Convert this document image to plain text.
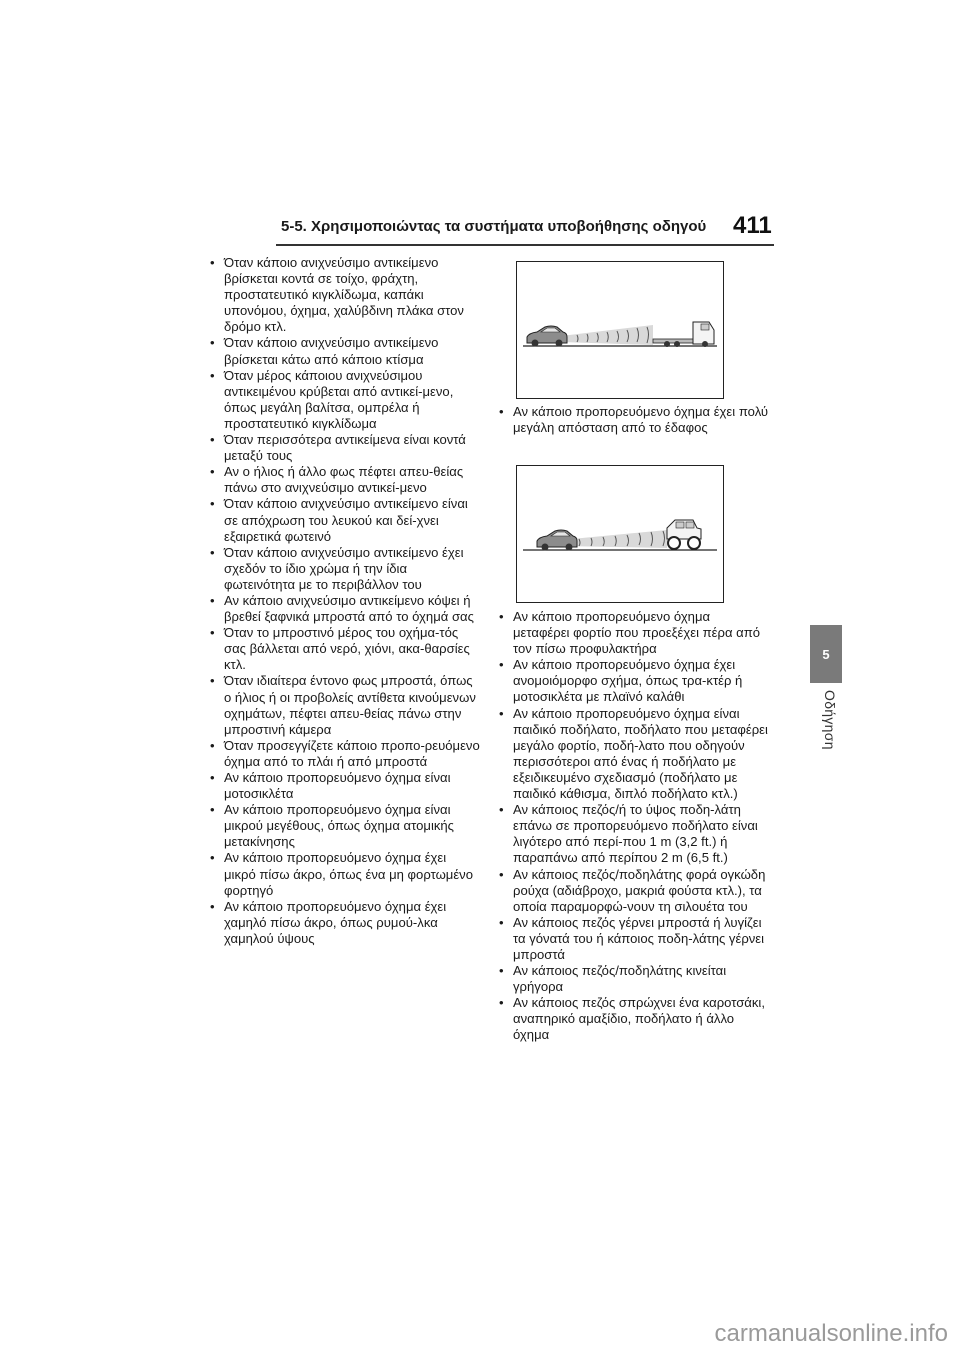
5-5. Χρησιμοποιώντας τα συστήματα υποβοήθησης οδηγού 411
5
Οδήγηση
• Όταν κάποιο ανιχνεύσιμο αντικείμενο βρίσκεται κοντά σε τοίχο, φράχτη, προστατευτικό κιγκλίδωμα, καπάκι υπονόμου, όχημα, χαλύβδινη πλάκα στον δρόμο κτλ.
• Όταν κάποιο ανιχνεύσιμο αντικείμενο βρίσκεται κάτω από κάποιο κτίσμα
• Όταν μέρος κάποιου ανιχνεύσιμου αντικειμένου κρύβεται από αντικεί-μενο, όπως μεγάλη βαλίτσα, ομπρέλα ή προστατευτικό κιγκλίδωμα
• Όταν περισσότερα αντικείμενα είναι κοντά μεταξύ τους
• Αν ο ήλιος ή άλλο φως πέφτει απευ-θείας πάνω στο ανιχνεύσιμο αντικεί-μενο
• Όταν κάποιο ανιχνεύσιμο αντικείμενο είναι σε απόχρωση του λευκού και δεί-χνει εξαιρετικά φωτεινό
• Όταν κάποιο ανιχνεύσιμο αντικείμενο έχει σχεδόν το ίδιο χρώμα ή την ίδια φωτεινότητα με το περιβάλλον του
• Αν κάποιο ανιχνεύσιμο αντικείμενο κόψει ή βρεθεί ξαφνικά μπροστά από το όχημά σας
• Όταν το μπροστινό μέρος του οχήμα-τός σας βάλλεται από νερό, χιόνι, ακα-θαρσίες κτλ.
• Όταν ιδιαίτερα έντονο φως μπροστά, όπως ο ήλιος ή οι προβολείς αντίθετα κινούμενων οχημάτων, πέφτει απευ-θείας πάνω στην μπροστινή κάμερα
• Όταν προσεγγίζετε κάποιο προπο-ρευόμενο όχημα από το πλάι ή από μπροστά
• Αν κάποιο προπορευόμενο όχημα είναι μοτοσικλέτα
• Αν κάποιο προπορευόμενο όχημα είναι μικρού μεγέθους, όπως όχημα ατομικής μετακίνησης
• Αν κάποιο προπορευόμενο όχημα έχει μικρό πίσω άκρο, όπως ένα μη φορτωμένο φορτηγό
• Αν κάποιο προπορευόμενο όχημα έχει χαμηλό πίσω άκρο, όπως ρυμού-λκα χαμηλού ύψους
• Αν κάποιο προπορευόμενο όχημα έχει πολύ μεγάλη απόσταση από το έδαφος
• Αν κάποιο προπορευόμενο όχημα μεταφέρει φορτίο που προεξέχει πέρα από τον πίσω προφυλακτήρα
• Αν κάποιο προπορευόμενο όχημα έχει ανομοιόμορφο σχήμα, όπως τρα-κτέρ ή μοτοσικλέτα με πλαϊνό καλάθι
• Αν κάποιο προπορευόμενο όχημα είναι παιδικό ποδήλατο, ποδήλατο που μεταφέρει μεγάλο φορτίο, ποδή-λατο που οδηγούν περισσότεροι από ένας ή ποδήλατο με εξειδικευμένο σχεδιασμό (ποδήλατο με παιδικό κάθισμα, διπλό ποδήλατο κτλ.)
• Αν κάποιος πεζός/ή το ύψος ποδη-λάτη επάνω σε προπορευόμενο ποδήλατο είναι λιγότερο από περί-που 1 m (3,2 ft.) ή παραπάνω από περίπου 2 m (6,5 ft.)
• Αν κάποιος πεζός/ποδηλάτης φορά ογκώδη ρούχα (αδιάβροχο, μακριά φούστα κτλ.), τα οποία παραμορφώ-νουν τη σιλουέτα του
• Αν κάποιος πεζός γέρνει μπροστά ή λυγίζει τα γόνατά του ή κάποιος ποδη-λάτης γέρνει μπροστά
• Αν κάποιος πεζός/ποδηλάτης κινείται γρήγορα
• Αν κάποιος πεζός σπρώχνει ένα καροτσάκι, αναπηρικό αμαξίδιο, ποδήλατο ή άλλο όχημα
carmanualsonline.info
